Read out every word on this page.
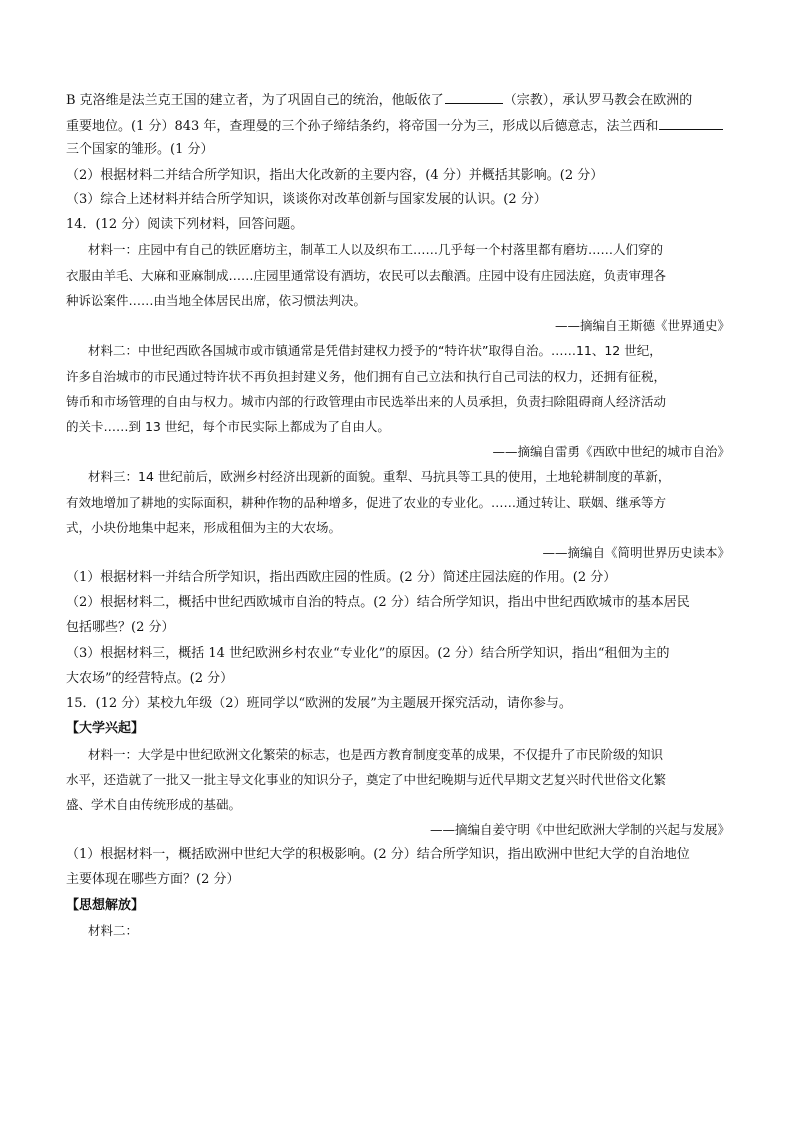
B 克洛维是法兰克王国的建立者，为了巩固自己的统治，他皈依了	（宗教），承认罗马教会在欧洲的
重要地位。(1 分）843 年，查理曼的三个孙子缔结条约，将帝国一分为三，形成以后德意志，法兰西和
三个国家的雏形。(1 分）
（2）根据材料二并结合所学知识，指出大化改新的主要内容，(4 分）并概括其影响。(2 分）
（3）综合上述材料并结合所学知识，谈谈你对改革创新与国家发展的认识。(2 分）
14．(12 分）阅读下列材料，回答问题。
材料一：庄园中有自己的铁匠磨坊主，制革工人以及织布工……几乎每一个村落里都有磨坊……人们穿的
衣服由羊毛、大麻和亚麻制成……庄园里通常设有酒坊，农民可以去酿酒。庄园中设有庄园法庭，负责审理各
种诉讼案件……由当地全体居民出席，依习惯法判决。
——摘编自王斯德《世界通史》
材料二：中世纪西欧各国城市或市镇通常是凭借封建权力授予的“特许状”取得自治。……11、12 世纪，
许多自治城市的市民通过特许状不再负担封建义务，他们拥有自己立法和执行自己司法的权力，还拥有征税，
铸币和市场管理的自由与权力。城市内部的行政管理由市民选举出来的人员承担，负责扫除阻碍商人经济活动
的关卡……到 13 世纪，每个市民实际上都成为了自由人。
——摘编自雷勇《西欧中世纪的城市自治》
材料三：14 世纪前后，欧洲乡村经济出现新的面貌。重犁、马抗具等工具的使用，土地轮耕制度的革新，
有效地增加了耕地的实际面积，耕种作物的品种增多，促进了农业的专业化。……通过转让、联姻、继承等方
式，小块份地集中起来，形成租佃为主的大农场。
——摘编自《简明世界历史读本》
（1）根据材料一并结合所学知识，指出西欧庄园的性质。(2 分）简述庄园法庭的作用。(2 分）
（2）根据材料二，概括中世纪西欧城市自治的特点。(2 分）结合所学知识，指出中世纪西欧城市的基本居民
包括哪些？(2 分）
（3）根据材料三，概括 14 世纪欧洲乡村农业“专业化”的原因。(2 分）结合所学知识，指出“租佃为主的
大农场”的经营特点。(2 分）
15．(12 分）某校九年级（2）班同学以“欧洲的发展”为主题展开探究活动，请你参与。
【大学兴起】
材料一：大学是中世纪欧洲文化繁荣的标志，也是西方教育制度变革的成果，不仅提升了市民阶级的知识
水平，还造就了一批又一批主导文化事业的知识分子，奠定了中世纪晚期与近代早期文艺复兴时代世俗文化繁
盛、学术自由传统形成的基础。
——摘编自姜守明《中世纪欧洲大学制的兴起与发展》
（1）根据材料一，概括欧洲中世纪大学的积极影响。(2 分）结合所学知识，指出欧洲中世纪大学的自治地位
主要体现在哪些方面？(2 分）
【思想解放】
材料二：
